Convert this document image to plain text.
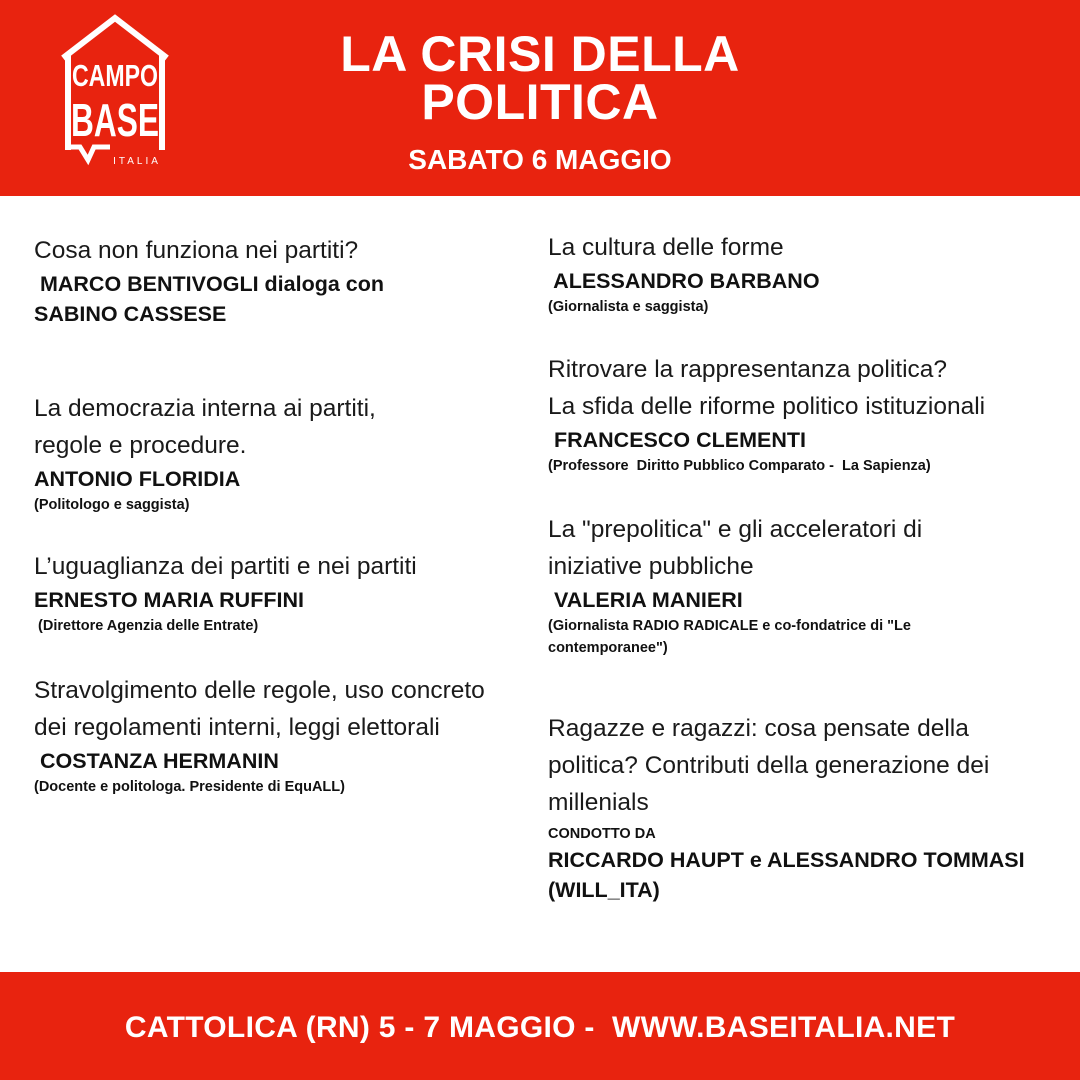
CAMPO
BASE
ITALIA
LA CRISI DELLA
POLITICA
SABATO 6 MAGGIO
Cosa non funziona nei partiti?
MARCO BENTIVOGLI dialoga con
SABINO CASSESE
La democrazia interna ai partiti,
regole e procedure.
ANTONIO FLORIDIA
(Politologo e saggista)
L’uguaglianza dei partiti e nei partiti
ERNESTO MARIA RUFFINI
(Direttore Agenzia delle Entrate)
Stravolgimento delle regole, uso concreto
dei regolamenti interni, leggi elettorali
COSTANZA HERMANIN
(Docente e politologa. Presidente di EquALL)
La cultura delle forme
ALESSANDRO BARBANO
(Giornalista e saggista)
Ritrovare la rappresentanza politica?
La sfida delle riforme politico istituzionali
FRANCESCO CLEMENTI
(Professore  Diritto Pubblico Comparato -  La Sapienza)
La "prepolitica" e gli acceleratori di
iniziative pubbliche
VALERIA MANIERI
(Giornalista RADIO RADICALE e co-fondatrice di "Le
contemporanee")
Ragazze e ragazzi: cosa pensate della
politica? Contributi della generazione dei
millenials
CONDOTTO DA
RICCARDO HAUPT e ALESSANDRO TOMMASI
(WILL_ITA)
CATTOLICA (RN) 5 - 7 MAGGIO -  WWW.BASEITALIA.NET
